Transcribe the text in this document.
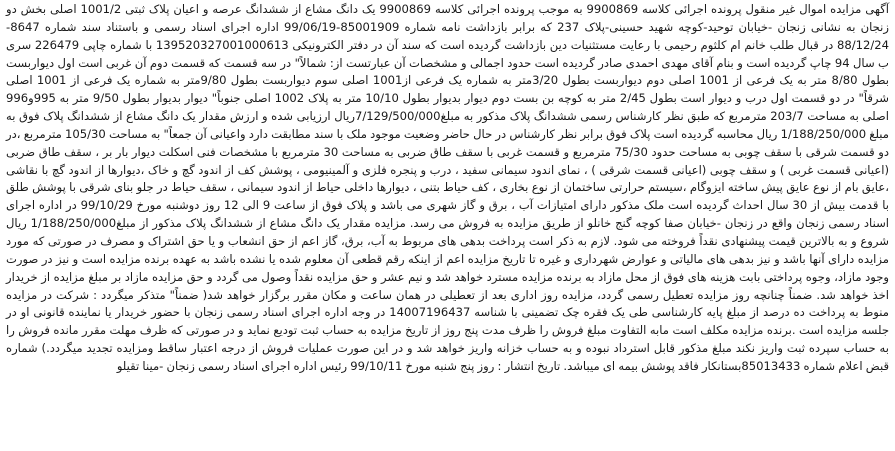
آگهی مزایده اموال غیر منقول پرونده اجرائی کلاسه 9900869 به موجب پرونده اجرائی کلاسه 9900869 یک دانگ مشاع از ششدانگ عرصه و اعیان پلاک ثبتی 1001/2 اصلی بخش دو زنجان به نشانی زنجان -خیابان توحید-کوچه شهید حسینی-پلاک 237 که برابر بازداشت نامه شماره 85001909-99/06/19 اداره اجرای اسناد رسمی و باستناد سند شماره 8647-88/12/24 در قبال طلب خانم ام کلثوم رحیمی با رعایت مستثنیات دین بازداشت گردیده است که سند آن در دفتر الکترونیکی 139520327001000613 با شماره چاپی 226479 سری ب سال 94 چاپ گردیده است و بنام آقای مهدی احمدی صادر گردیده است حدود اجمالی و مشخصات آن عبارتست از: شمالاً" در سه قسمت که قسمت دوم آن غربی است اول دیواربست بطول 8/80 متر به یک فرعی از 1001 اصلی دوم دیواربست بطول 3/20متر به شماره یک فرعی از1001 اصلی سوم دیواربست بطول 9/80متر به شماره یک فرعی از 1001 اصلی شرقاً" در دو قسمت اول درب و دیوار است بطول 2/45 متر به کوچه بن بست دوم دیوار بدیوار بطول 10/10 متر به پلاک 1002 اصلی جنوباً" دیوار بدیوار بطول 9/50 متر به 995و996 اصلی به مساحت 203/7 مترمربع که طبق نظر کارشناس رسمی ششدانگ پلاک مذکور به مبلغ7/129/500/000ریال ارزیابی شده و ارزش مقدار یک دانگ مشاع از ششدانگ پلاک فوق به مبلغ 1/188/250/000 ریال محاسبه گردیده است پلاک فوق برابر نظر کارشناس در حال حاضر وضعیت موجود ملک با سند مطابقت دارد واعیانی آن جمعاً" به مساحت 105/30 مترمربع ،در دو قسمت شرقی با سقف چوبی به مساحت حدود 75/30 مترمربع و قسمت غربی با سقف طاق ضربی به مساحت 30 مترمربع با مشخصات فنی اسکلت دیوار بار بر ، سقف طاق ضربی (اعیانی قسمت غربی ) و سقف چوبی (اعیانی قسمت شرقی ) ، نمای اندود سیمانی سفید ، درب و پنجره فلزی و آلمینیومی ، پوشش کف از اندود گچ و خاک ،دیوارها از اندود گچ با نقاشی ،عایق بام از نوع عایق پیش ساخته ایزوگام ،سیستم حرارتی ساختمان از نوع بخاری ، کف حیاط بتنی ، دیوارها داخلی حیاط از اندود سیمانی ، سقف حیاط در جلو بنای شرقی با پوشش طلق با قدمت بیش از 30 سال احداث گردیده است ملک مذکور دارای امتیازات آب ، برق و گاز شهری می باشد و پلاک فوق از ساعت 9 الی 12 روز دوشنبه مورخ 99/10/29 در اداره اجرای اسناد رسمی زنجان واقع در زنجان -خیابان صفا کوچه گنج خانلو از طریق مزایده به فروش می رسد. مزایده مقدار یک دانگ مشاع از ششدانگ پلاک مذکور از مبلغ1/188/250/000 ریال شروع و به بالاترین قیمت پیشنهادی نقداً فروخته می شود. لازم به ذکر است پرداخت بدهی های مربوط به آب، برق، گاز اعم از حق انشعاب و یا حق اشتراک و مصرف در صورتی که مورد مزایده دارای آنها باشد و نیز بدهی های مالیاتی و عوارض شهرداری و غیره تا تاریخ مزایده اعم از اینکه رقم قطعی آن معلوم شده یا نشده باشد به عهده برنده مزایده است و نیز در صورت وجود مازاد، وجوه پرداختی بابت هزینه های فوق از محل مازاد به برنده مزایده مسترد خواهد شد و نیم عشر و حق مزایده نقداً وصول می گردد و حق مزایده مازاد بر مبلغ مزایده از خریدار اخذ خواهد شد. ضمناً چنانچه روز مزایده تعطیل رسمی گردد، مزایده روز اداری بعد از تعطیلی در همان ساعت و مکان مقرر برگزار خواهد شد( ضمناً" متذکر میگردد : شرکت در مزایده منوط به پرداخت ده درصد از مبلغ پایه کارشناسی طی یک فقره چک تضمینی با شناسه 14007196437 در وجه اداره اجرای اسناد رسمی زنجان با حضور خریدار یا نماینده قانونی او در جلسه مزایده است .برنده مزایده مکلف است مابه التفاوت مبلغ فروش را ظرف مدت پنج روز از تاریخ مزایده به حساب ثبت تودیع نماید و در صورتی که ظرف مهلت مقرر مانده فروش را به حساب سپرده ثبت واریز نکند مبلغ مذکور قابل استرداد نبوده و به حساب خزانه واریز خواهد شد و در این صورت عملیات فروش از درجه اعتبار ساقط ومزایده تجدید میگردد.) شماره قبض اعلام شماره 85013433بستانکار فاقد پوشش بیمه ای میباشد. تاریخ انتشار : روز پنج شنبه مورخ 99/10/11 رئیس اداره اجرای اسناد رسمی زنجان -مینا تقیلو
